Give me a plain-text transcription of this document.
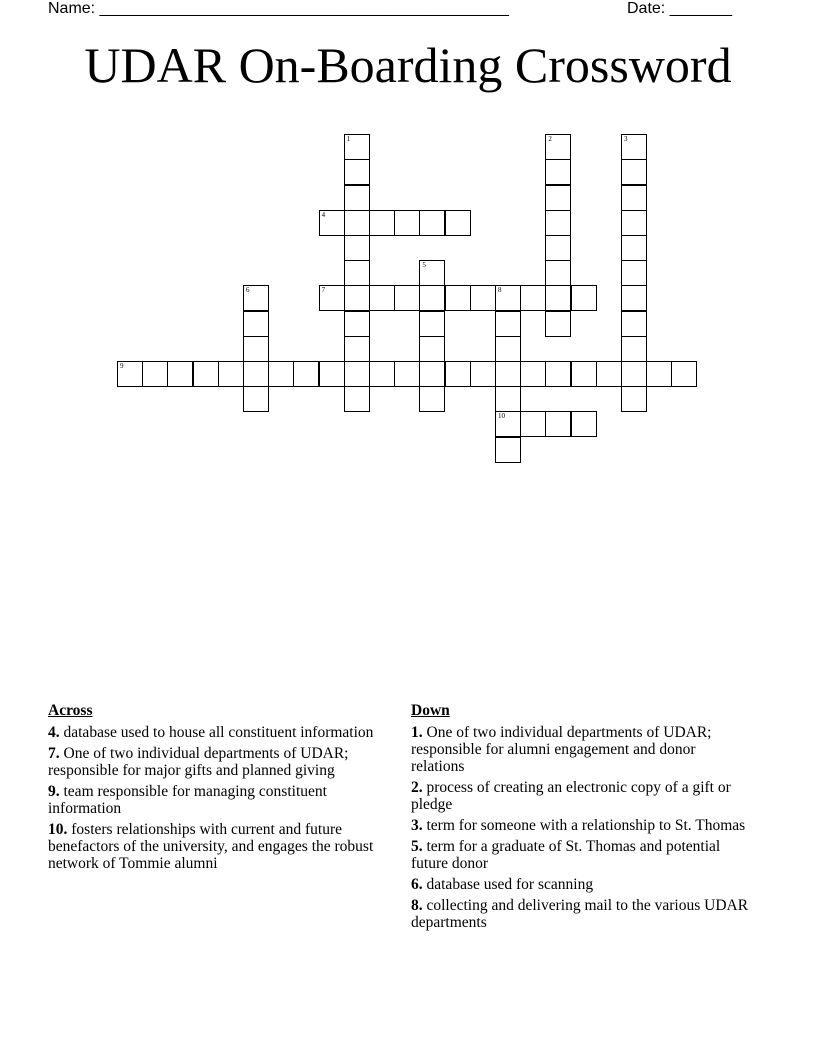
Name: ______________________________________________	Date: _______
UDAR On-Boarding Crossword
1	2	3
4
5
6	7	8
10
9
Across
4. database used to house all constituent information
7. One of two individual departments of UDAR; responsible for major gifts and planned giving
9. team responsible for managing constituent information
10. fosters relationships with current and future benefactors of the university, and engages the robust network of Tommie alumni
Down
1. One of two individual departments of UDAR; responsible for alumni engagement and donor relations
2. process of creating an electronic copy of a gift or pledge
3. term for someone with a relationship to St. Thomas
5. term for a graduate of St. Thomas and potential future donor
6. database used for scanning
8. collecting and delivering mail to the various UDAR departments
